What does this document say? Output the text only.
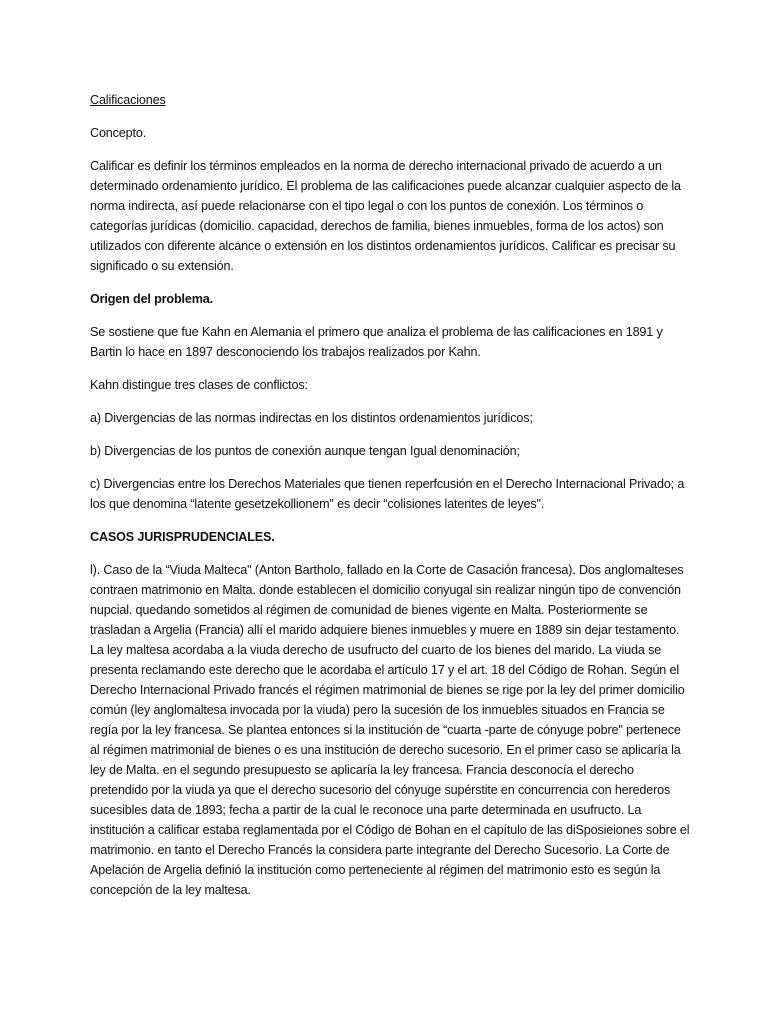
Calificaciones

Concepto.

Calificar es definir los términos empleados en la norma de derecho internacional privado de acuerdo a un determinado ordenamiento jurídico. El problema de las calificaciones puede alcanzar cualquier aspecto de la norma indirecta, así puede relacionarse con el tipo legal o con los puntos de conexión. Los términos o categorías jurídicas (domicilio. capacidad, derechos de familia, bienes inmuebles, forma de los actos) son utilizados con diferente alcance o extensión en los distintos ordenamientos jurídicos. Calificar es precisar su significado o su extensión.

Origen del problema.

Se sostiene que fue Kahn en Alemania el primero que analiza el problema de las calificaciones en 1891 y Bartin lo hace en 1897 desconociendo los trabajos realizados por Kahn.

Kahn distingue tres clases de conflictos:

a) Divergencias de las normas indirectas en los distintos ordenamientos jurídicos;

b) Divergencias de los puntos de conexión aunque tengan Igual denominación;

c) Divergencias entre los Derechos Materiales que tienen reperfcusión en el Derecho Internacional Privado; a los que denomina “latente gesetzekollionem" es decir “colisiones latentes de leyes".

CASOS JURISPRUDENCIALES.

l). Caso de la “Viuda Malteca" (Anton Bartholo, fallado en la Corte de Casación francesa). Dos anglomalteses contraen matrimonio en Malta. donde establecen el domicilio conyugal sin realizar ningún tipo de convención nupcial. quedando sometidos al régimen de comunidad de bienes vigente en Malta. Posteriormente se trasladan a Argelia (Francia) allí el marido adquiere bienes inmuebles y muere en 1889 sin dejar testamento. La ley maltesa acordaba a la viuda derecho de usufructo del cuarto de los bienes del marido. La viuda se presenta reclamando este derecho que le acordaba el artículo 17 y el art. 18 del Código de Rohan. Según el Derecho Internacional Privado francés el régimen matrimonial de bienes se rige por la ley del primer domicilio común (ley anglomaltesa invocada por la viuda) pero la sucesión de los inmuebles situados en Francia se regía por la ley francesa. Se plantea entonces si la institución de “cuarta -parte de cónyuge pobre" pertenece al régimen matrimonial de bienes o es una institución de derecho sucesorio. En el primer caso se aplicaría la ley de Malta. en el segundo presupuesto se aplicaría la ley francesa. Francia desconocía el derecho pretendido por la viuda ya que el derecho sucesorio del cónyuge supérstite en concurrencia con herederos sucesibles data de 1893; fecha a partir de la cual le reconoce una parte determinada en usufructo. La institución a calificar estaba reglamentada por el Código de Bohan en el capítulo de las diSposieiones sobre el matrimonio. en tanto el Derecho Francés la considera parte integrante del Derecho Sucesorio. La Corte de Apelación de Argelia definió la institución como perteneciente al régimen del matrimonio esto es según la concepción de la ley maltesa.
